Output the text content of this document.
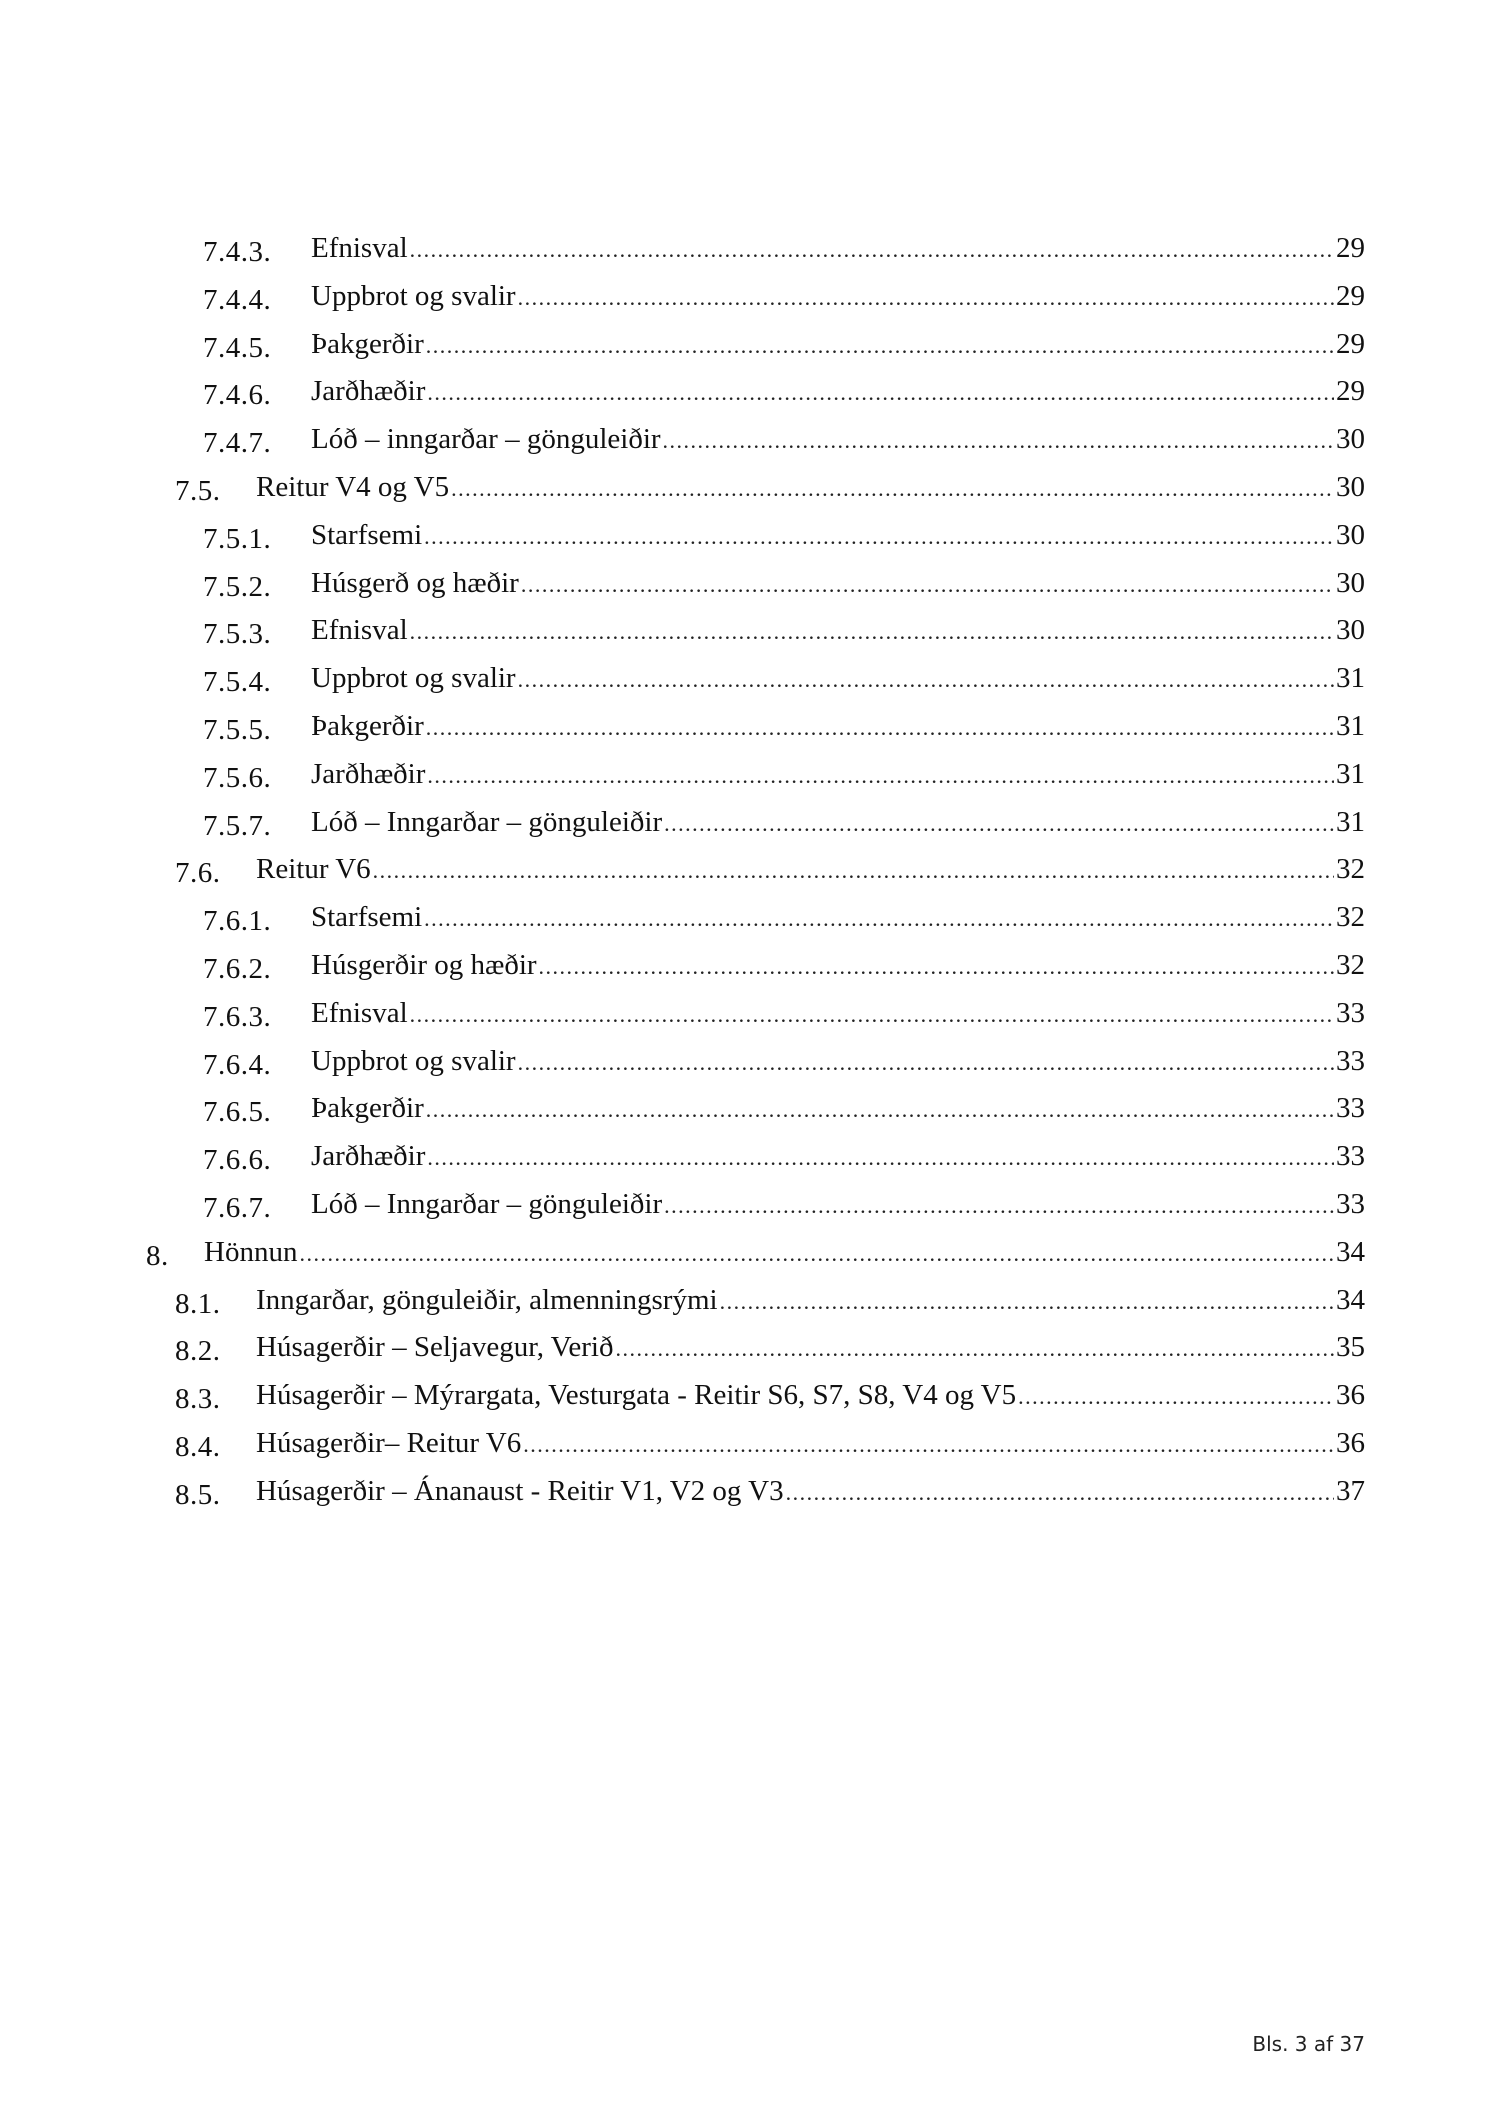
7.4.3. Efnisval .....	29
7.4.4. Uppbrot og svalir .....	29
7.4.5. Þakgerðir .....	29
7.4.6. Jarðhæðir .....	29
7.4.7. Lóð – inngarðar – gönguleiðir .....	30
7.5. Reitur V4 og V5 .....	30
7.5.1. Starfsemi .....	30
7.5.2. Húsgerð og hæðir .....	30
7.5.3. Efnisval .....	30
7.5.4. Uppbrot og svalir .....	31
7.5.5. Þakgerðir .....	31
7.5.6. Jarðhæðir .....	31
7.5.7. Lóð – Inngarðar – gönguleiðir .....	31
7.6. Reitur V6 .....	32
7.6.1. Starfsemi .....	32
7.6.2. Húsgerðir og hæðir .....	32
7.6.3. Efnisval .....	33
7.6.4. Uppbrot og svalir .....	33
7.6.5. Þakgerðir .....	33
7.6.6. Jarðhæðir .....	33
7.6.7. Lóð – Inngarðar – gönguleiðir .....	33
8. Hönnun .....	34
8.1. Inngarðar, gönguleiðir, almenningsrými .....	34
8.2. Húsagerðir – Seljavegur, Verið .....	35
8.3. Húsagerðir – Mýrargata, Vesturgata - Reitir S6, S7, S8, V4 og V5 .....	36
8.4. Húsagerðir– Reitur V6 .....	36
8.5. Húsagerðir – Ánanaust - Reitir V1, V2 og V3 .....	37
Bls. 3 af 37
